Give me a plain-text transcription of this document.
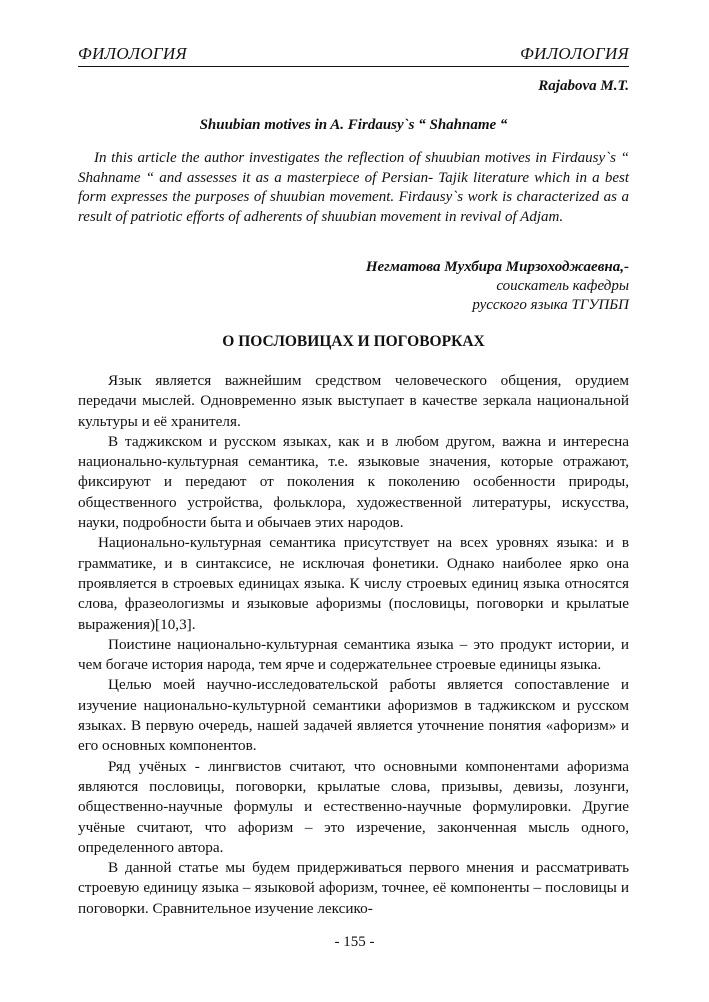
ФИЛОЛОГИЯ	ФИЛОЛОГИЯ
Rajabova M.T.
Shuubian motives in A. Firdausy`s “ Shahname “

In this article the author investigates the reflection of shuubian motives in Firdausy`s “ Shahname “ and assesses it as a masterpiece of Persian- Tajik literature which in a best form expresses the purposes of shuubian movement. Firdausy`s work is characterized as a result of patriotic efforts of adherents of shuubian movement in revival of Adjam.

Негматова Мухбира Мирзоходжаевна,-
соискатель кафедры
русского языка ТГУПБП
О ПОСЛОВИЦАХ И ПОГОВОРКАХ

Язык является важнейшим средством человеческого общения, орудием передачи мыслей. Одновременно язык выступает в качестве зеркала национальной культуры и её хранителя.

В таджикском и русском языках, как и в любом другом, важна и интересна национально-культурная семантика, т.е. языковые значения, которые отражают, фиксируют и передают от поколения к поколению особенности природы, общественного устройства, фольклора, художественной литературы, искусства, науки, подробности быта и обычаев этих народов.

Национально-культурная семантика присутствует на всех уровнях языка: и в грамматике, и в синтаксисе, не исключая фонетики. Однако наиболее ярко она проявляется в строевых единицах языка. К числу строевых единиц языка относятся слова, фразеологизмы и языковые афоризмы (пословицы, поговорки и крылатые выражения)[10,3].

Поистине национально-культурная семантика языка – это продукт истории, и чем богаче история народа, тем ярче и содержательнее строевые единицы языка.

Целью моей научно-исследовательской работы является сопоставление и изучение национально-культурной семантики афоризмов в таджикском и русском языках. В первую очередь, нашей задачей является уточнение понятия «афоризм» и его основных компонентов.

Ряд учёных - лингвистов считают, что основными компонентами афоризма являются пословицы, поговорки, крылатые слова, призывы, девизы, лозунги, общественно-научные формулы и естественно-научные формулировки. Другие учёные считают, что афоризм – это изречение, законченная мысль одного, определенного автора.

В данной статье мы будем придерживаться первого мнения и рассматривать строевую единицу языка – языковой афоризм, точнее, её компоненты – пословицы и поговорки. Сравнительное изучение лексико-

- 155 -
